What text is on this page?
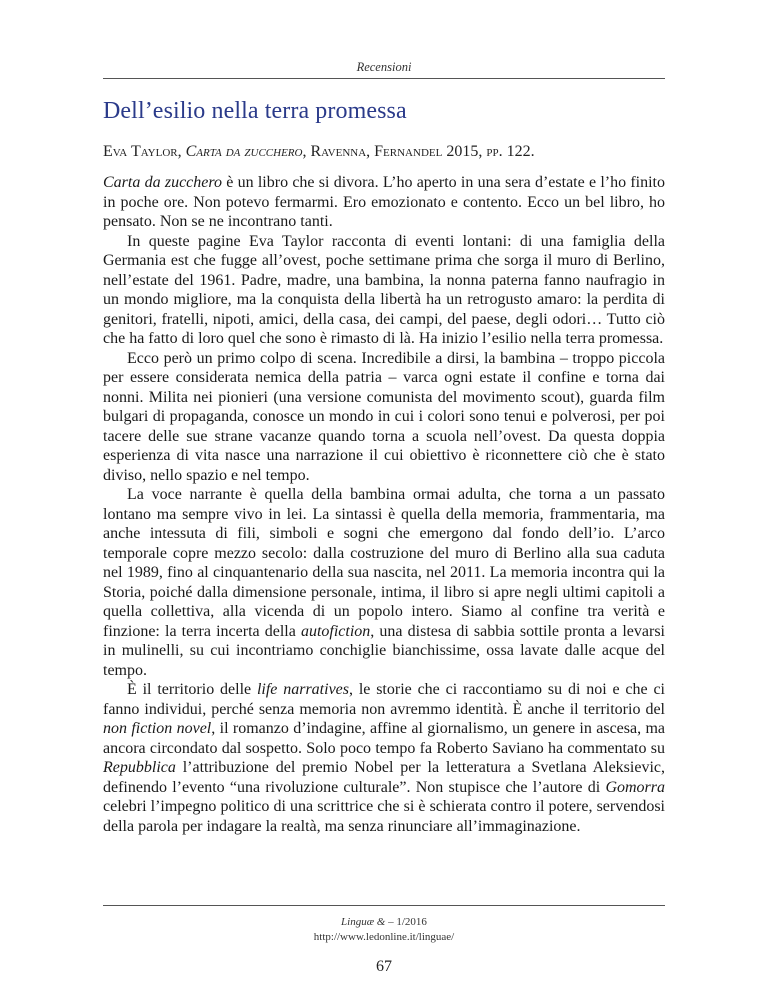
Recensioni
Dell’esilio nella terra promessa
Eva Taylor, Carta da zucchero, Ravenna, Fernandel 2015, pp. 122.

Carta da zucchero è un libro che si divora. L’ho aperto in una sera d’estate e l’ho finito in poche ore. Non potevo fermarmi. Ero emozionato e contento. Ecco un bel libro, ho pensato. Non se ne incontrano tanti.

In queste pagine Eva Taylor racconta di eventi lontani: di una famiglia della Germania est che fugge all’ovest, poche settimane prima che sorga il muro di Berlino, nell’estate del 1961. Padre, madre, una bambina, la nonna paterna fanno naufragio in un mondo migliore, ma la conquista della libertà ha un retrogusto amaro: la perdita di genitori, fratelli, nipoti, amici, della casa, dei campi, del paese, degli odori… Tutto ciò che ha fatto di loro quel che sono è rimasto di là. Ha inizio l’esilio nella terra promessa.

Ecco però un primo colpo di scena. Incredibile a dirsi, la bambina – troppo piccola per essere considerata nemica della patria – varca ogni estate il confine e torna dai nonni. Milita nei pionieri (una versione comunista del movimento scout), guarda film bulgari di propaganda, conosce un mondo in cui i colori sono tenui e polverosi, per poi tacere delle sue strane vacanze quando torna a scuola nell’ovest. Da questa doppia esperienza di vita nasce una narrazione il cui obiettivo è riconnettere ciò che è stato diviso, nello spazio e nel tempo.

La voce narrante è quella della bambina ormai adulta, che torna a un passato lontano ma sempre vivo in lei. La sintassi è quella della memoria, frammentaria, ma anche intessuta di fili, simboli e sogni che emergono dal fondo dell’io. L’arco temporale copre mezzo secolo: dalla costruzione del muro di Berlino alla sua caduta nel 1989, fino al cinquantenario della sua nascita, nel 2011. La memoria incontra qui la Storia, poiché dalla dimensione personale, intima, il libro si apre negli ultimi capitoli a quella collettiva, alla vicenda di un popolo intero. Siamo al confine tra verità e finzione: la terra incerta della autofiction, una distesa di sabbia sottile pronta a levarsi in mulinelli, su cui incontriamo conchiglie bianchissime, ossa lavate dalle acque del tempo.

È il territorio delle life narratives, le storie che ci raccontiamo su di noi e che ci fanno individui, perché senza memoria non avremmo identità. È anche il territorio del non fiction novel, il romanzo d’indagine, affine al giornalismo, un genere in ascesa, ma ancora circondato dal sospetto. Solo poco tempo fa Roberto Saviano ha commentato su Repubblica l’attribuzione del premio Nobel per la letteratura a Svetlana Aleksievic, definendo l’evento “una rivoluzione culturale”. Non stupisce che l’autore di Gomorra celebri l’impegno politico di una scrittrice che si è schierata contro il potere, servendosi della parola per indagare la realtà, ma senza rinunciare all’immaginazione.

Linguæ & – 1/2016
http://www.ledonline.it/linguae/
67
